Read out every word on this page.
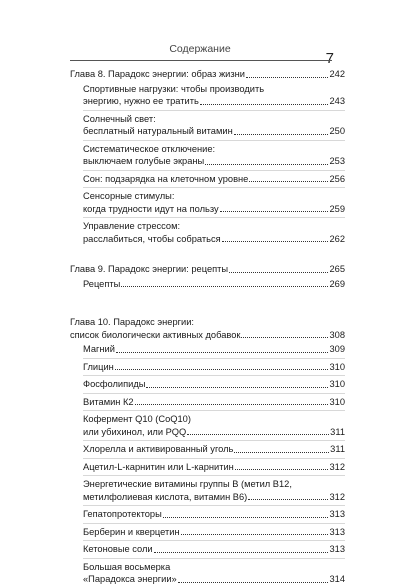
Содержание
7
Глава 8. Парадокс энергии: образ жизни	242
Спортивные нагрузки: чтобы производить
энергию, нужно ее тратить	243
Солнечный свет:
бесплатный натуральный витамин	250
Систематическое отключение:
выключаем голубые экраны	253
Сон: подзарядка на клеточном уровне	256
Сенсорные стимулы:
когда трудности идут на пользу	259
Управление стрессом:
расслабиться, чтобы собраться	262
Глава 9. Парадокс энергии: рецепты	265
Рецепты	269
Глава 10. Парадокс энергии:
список биологически активных добавок	308
Магний	309
Глицин	310
Фосфолипиды	310
Витамин К2	310
Кофермент Q10 (CoQ10)
или убихинол, или PQQ	311
Хлорелла и активированный уголь	311
Ацетил-L-карнитин или L-карнитин	312
Энергетические витамины группы B (метил B12,
метилфолиевая кислота, витамин B6)	312
Гепатопротекторы	313
Берберин и кверцетин	313
Кетоновые соли	313
Большая восьмерка
«Парадокса энергии»	314
